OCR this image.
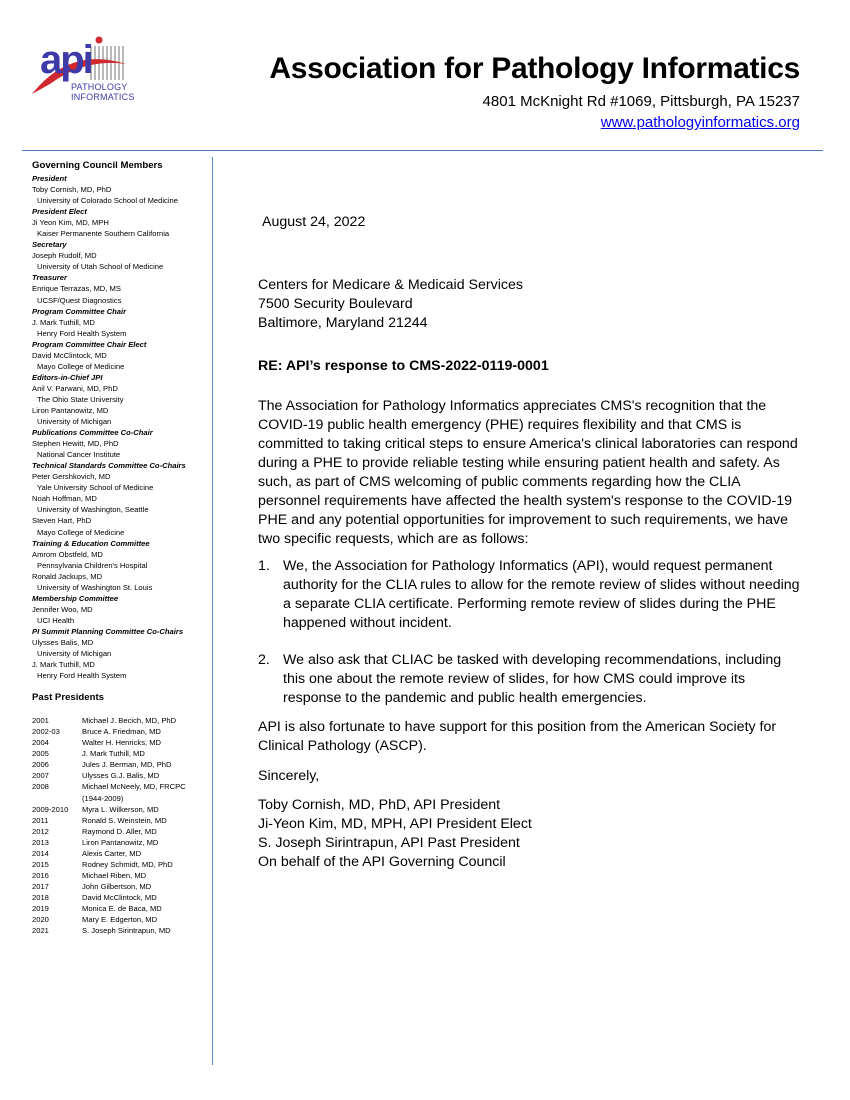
api
PATHOLOGY
INFORMATICS
Association for Pathology Informatics
4801 McKnight Rd #1069, Pittsburgh, PA 15237
www.pathologyinformatics.org
Governing Council Members
President
Toby Cornish, MD, PhD
University of Colorado School of Medicine
President Elect
Ji Yeon Kim, MD, MPH
Kaiser Permanente Southern California
Secretary
Joseph Rudolf, MD
University of Utah School of Medicine
Treasurer
Enrique Terrazas, MD, MS
UCSF/Quest Diagnostics
Program Committee Chair
J. Mark Tuthill, MD
Henry Ford Health System
Program Committee Chair Elect
David McClintock, MD
Mayo College of Medicine
Editors-in-Chief JPI
Anil V. Parwani, MD, PhD
The Ohio State University
Liron Pantanowitz, MD
University of Michigan
Publications Committee Co-Chair
Stephen Hewitt, MD, PhD
National Cancer Institute
Technical Standards Committee Co-Chairs
Peter Gershkovich, MD
Yale University School of Medicine
Noah Hoffman, MD
University of Washington, Seattle
Steven Hart, PhD
Mayo College of Medicine
Training & Education Committee
Amrom Obstfeld, MD
Pennsylvania Children's Hospital
Ronald Jackups, MD
University of Washington St. Louis
Membership Committee
Jennifer Woo, MD
UCI Health
PI Summit Planning Committee Co-Chairs
Ulysses Balis, MD
University of Michigan
J. Mark Tuthill, MD
Henry Ford Health System
Past Presidents
2001	Michael J. Becich, MD, PhD
2002-03	Bruce A. Friedman, MD
2004	Walter H. Henricks, MD
2005	J. Mark Tuthill, MD
2006	Jules J. Berman, MD, PhD
2007	Ulysses G.J. Balis, MD
2008	Michael McNeely, MD, FRCPC
(1944-2009)
2009-2010	Myra L. Wilkerson, MD
2011	Ronald S. Weinstein, MD
2012	Raymond D. Aller, MD
2013	Liron Pantanowitz, MD
2014	Alexis Carter, MD
2015	Rodney Schmidt, MD, PhD
2016	Michael Riben, MD
2017	John Gilbertson, MD
2018	David McClintock, MD
2019	Monica E. de Baca, MD
2020	Mary E. Edgerton, MD
2021	S. Joseph Sirintrapun, MD
August 24, 2022
Centers for Medicare & Medicaid Services
7500 Security Boulevard
Baltimore, Maryland 21244
RE: API’s response to CMS-2022-0119-0001

The Association for Pathology Informatics appreciates CMS's recognition that the COVID-19 public health emergency (PHE) requires flexibility and that CMS is committed to taking critical steps to ensure America's clinical laboratories can respond during a PHE to provide reliable testing while ensuring patient health and safety. As such, as part of CMS welcoming of public comments regarding how the CLIA personnel requirements have affected the health system's response to the COVID-19 PHE and any potential opportunities for improvement to such requirements, we have two specific requests, which are as follows:

1. We, the Association for Pathology Informatics (API), would request permanent authority for the CLIA rules to allow for the remote review of slides without needing a separate CLIA certificate. Performing remote review of slides during the PHE happened without incident.
2. We also ask that CLIAC be tasked with developing recommendations, including this one about the remote review of slides, for how CMS could improve its response to the pandemic and public health emergencies.

API is also fortunate to have support for this position from the American Society for Clinical Pathology (ASCP).

Sincerely,
Toby Cornish, MD, PhD, API President
Ji-Yeon Kim, MD, MPH, API President Elect
S. Joseph Sirintrapun, API Past President
On behalf of the API Governing Council
